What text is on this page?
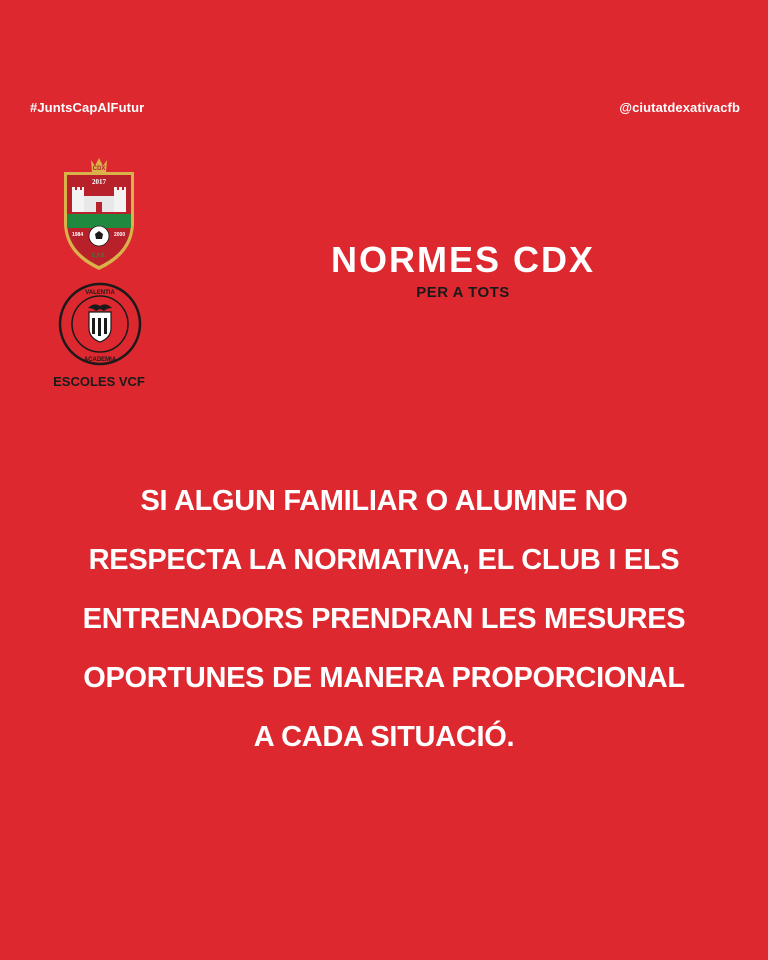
#JuntsCapAlFutur	@ciutatdexativacfb
CDX
2017
1984	2000
C.F.B.
VALENTIA
ACADEMIA
ESCOLES VCF
NORMES CDX
PER A TOTS
SI ALGUN FAMILIAR O ALUMNE NO
RESPECTA LA NORMATIVA, EL CLUB I ELS
ENTRENADORS PRENDRAN LES MESURES
OPORTUNES DE MANERA PROPORCIONAL
A CADA SITUACIÓ.
